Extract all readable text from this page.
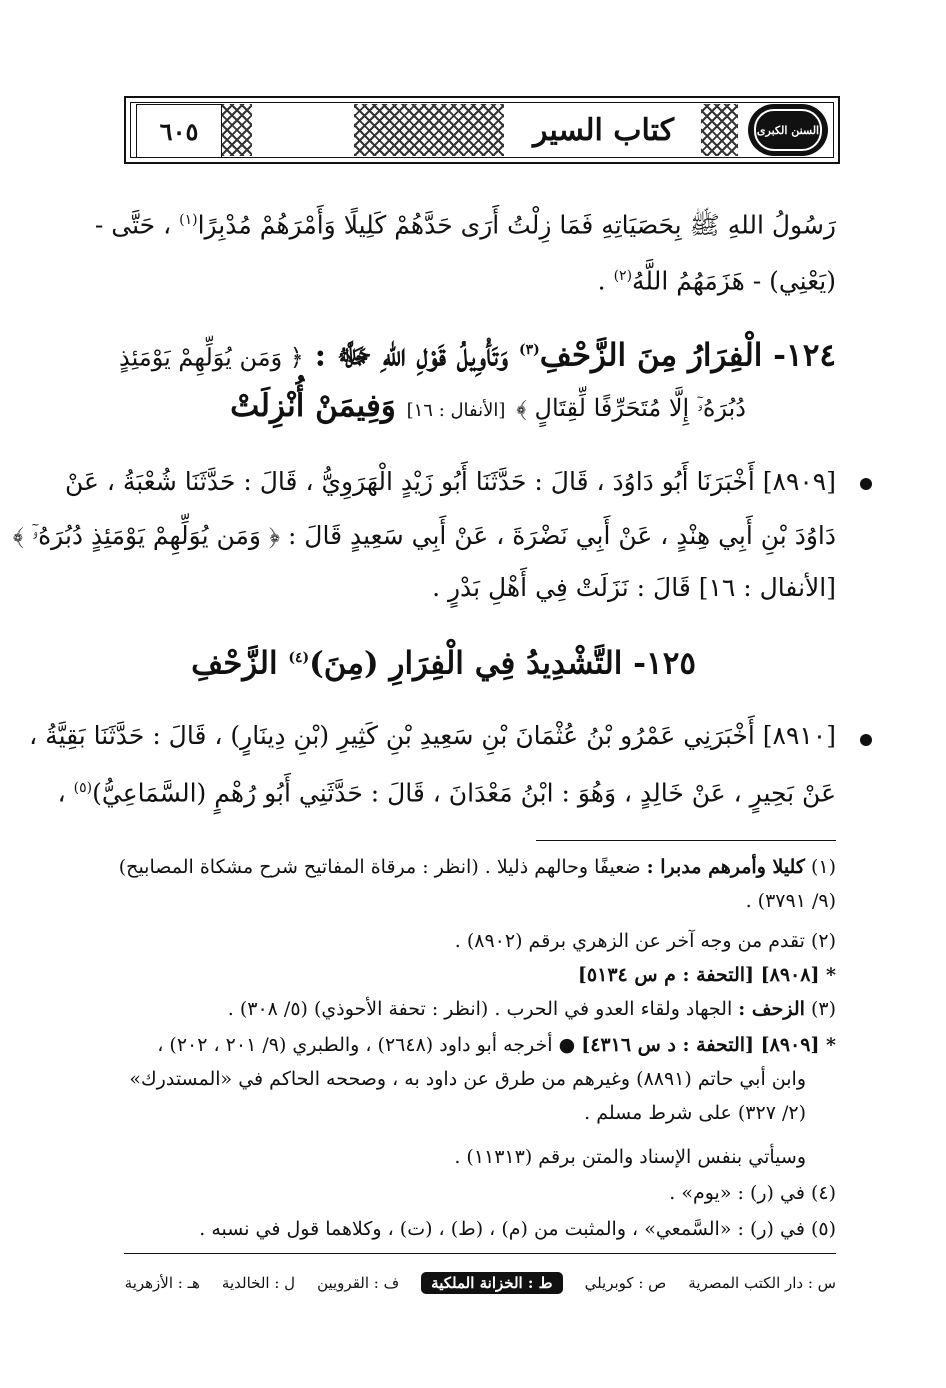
السنن الكبرى
كتاب السير
٦٠٥
رَسُولُ اللهِ ﷺ بِحَصَيَاتِهِ فَمَا زِلْتُ أَرَى حَدَّهُمْ كَلِيلًا وَأَمْرَهُمْ مُدْبِرًا$^{(١)}$ ، حَتَّى -
(يَعْنِي) - هَزَمَهُمُ اللَّهُ$^{(٢)}$ .
١٢٤- الْفِرَارُ مِنَ الزَّحْفِ$^{(٣)}$ وَتَأْوِيلُ قَوْلِ اللهِ ﷻ : ﴿ وَمَن يُوَلِّهِمْ يَوْمَئِذٍ
دُبُرَهُۥٓ إِلَّا مُتَحَرِّفًا لِّقِتَالٍ ﴾ [الأنفال : ١٦] وَفِيمَنْ أُنْزِلَتْ
[٨٩٠٩] أَخْبَرَنَا أَبُو دَاوُدَ ، قَالَ : حَدَّثَنَا أَبُو زَيْدٍ الْهَرَوِيُّ ، قَالَ : حَدَّثَنَا شُعْبَةُ ، عَنْ
دَاوُدَ بْنِ أَبِي هِنْدٍ ، عَنْ أَبِي نَضْرَةَ ، عَنْ أَبِي سَعِيدٍ قَالَ : ﴿ وَمَن يُوَلِّهِمْ يَوْمَئِذٍ دُبُرَهُۥٓ ﴾
[الأنفال : ١٦] قَالَ : نَزَلَتْ فِي أَهْلِ بَدْرٍ .
١٢٥- التَّشْدِيدُ فِي الْفِرَارِ (مِنَ)$^{(٤)}$ الزَّحْفِ
[٨٩١٠] أَخْبَرَنِي عَمْرُو بْنُ عُثْمَانَ بْنِ سَعِيدِ بْنِ كَثِيرِ (بْنِ دِينَارٍ) ، قَالَ : حَدَّثَنَا بَقِيَّةُ ،
عَنْ بَحِيرٍ ، عَنْ خَالِدٍ ، وَهُوَ : ابْنُ مَعْدَانَ ، قَالَ : حَدَّثَنِي أَبُو رُهْمٍ (السَّمَاعِيُّ)$^{(٥)}$ ،
(١) كليلا وأمرهم مدبرا : ضعيفًا وحالهم ذليلا . (انظر : مرقاة المفاتيح شرح مشكاة المصابيح)
(٩/ ٣٧٩١) .
(٢) تقدم من وجه آخر عن الزهري برقم (٨٩٠٢) .
* [٨٩٠٨] [التحفة : م س ٥١٣٤]
(٣) الزحف : الجهاد ولقاء العدو في الحرب . (انظر : تحفة الأحوذي) (٥/ ٣٠٨) .
* [٨٩٠٩] [التحفة : د س ٤٣١٦] ● أخرجه أبو داود (٢٦٤٨) ، والطبري (٩/ ٢٠١ ، ٢٠٢) ،
وابن أبي حاتم (٨٨٩١) وغيرهم من طرق عن داود به ، وصححه الحاكم في «المستدرك»
(٢/ ٣٢٧) على شرط مسلم .
وسيأتي بنفس الإسناد والمتن برقم (١١٣١٣) .
(٤) في (ر) : «يوم» .
(٥) في (ر) : «السَّمعي» ، والمثبت من (م) ، (ط) ، (ت) ، وكلاهما قول في نسبه .
س : دار الكتب المصرية
ص : كوبريلي
ط : الخزانة الملكية
ف : القرويين
ل : الخالدية
هـ : الأزهرية
